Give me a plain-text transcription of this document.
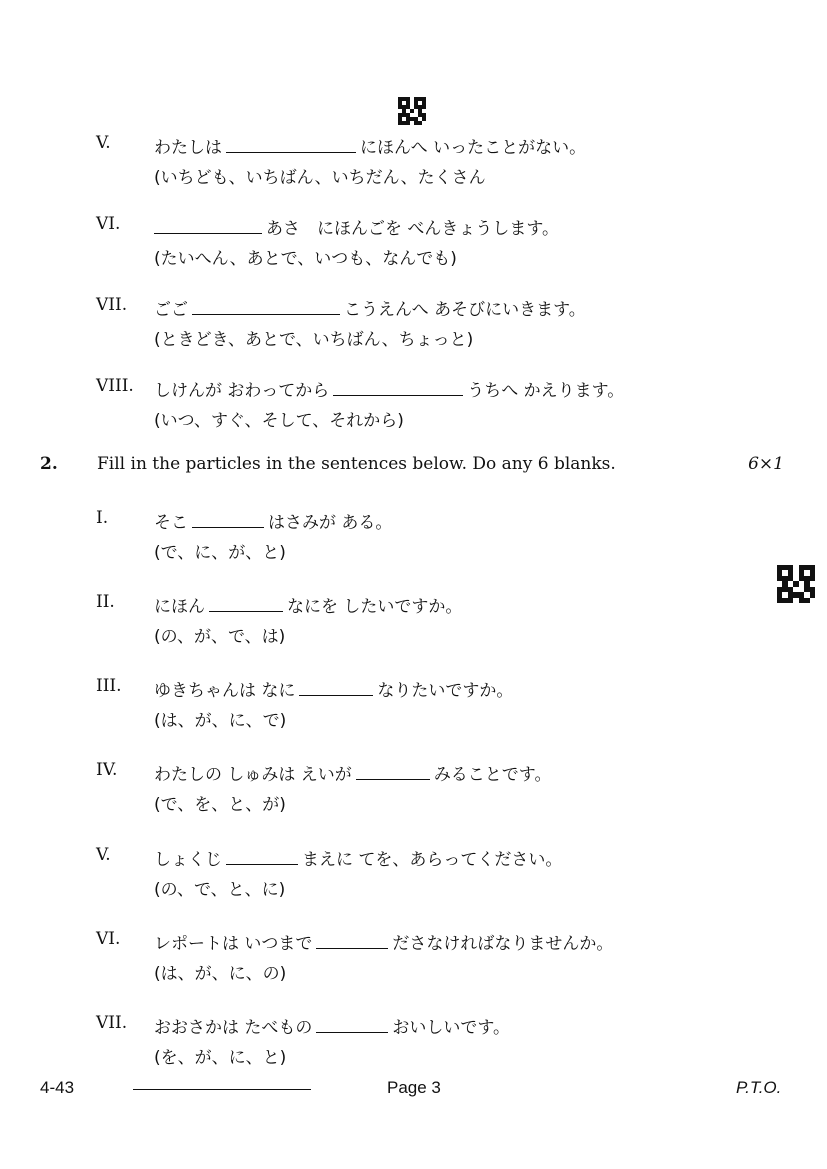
V.	わたしは	にほんへ いったことがない。
(いちども、いちばん、いちだん、たくさん
VI.	あさ　にほんごを べんきょうします。
(たいへん、あとで、いつも、なんでも)
VII. ごご	こうえんへ あそびにいきます。
(ときどき、あとで、いちばん、ちょっと)
VIII. しけんが おわってから	うちへ かえります。
(いつ、すぐ、そして、それから)
2. Fill in the particles in the sentences below. Do any 6 blanks.	6×1
I.	そこ	はさみが ある。
(で、に、が、と)
II. にほん	なにを したいですか。
(の、が、で、は)
III. ゆきちゃんは なに	なりたいですか。
(は、が、に、で)
IV. わたしの しゅみは えいが	みることです。
(で、を、と、が)
V.	しょくじ	まえに てを、あらってください。
(の、で、と、に)
VI. レポートは いつまで	ださなければなりませんか。
(は、が、に、の)
VII. おおさかは たべもの	おいしいです。
(を、が、に、と)
4-43	Page 3	P.T.O.
